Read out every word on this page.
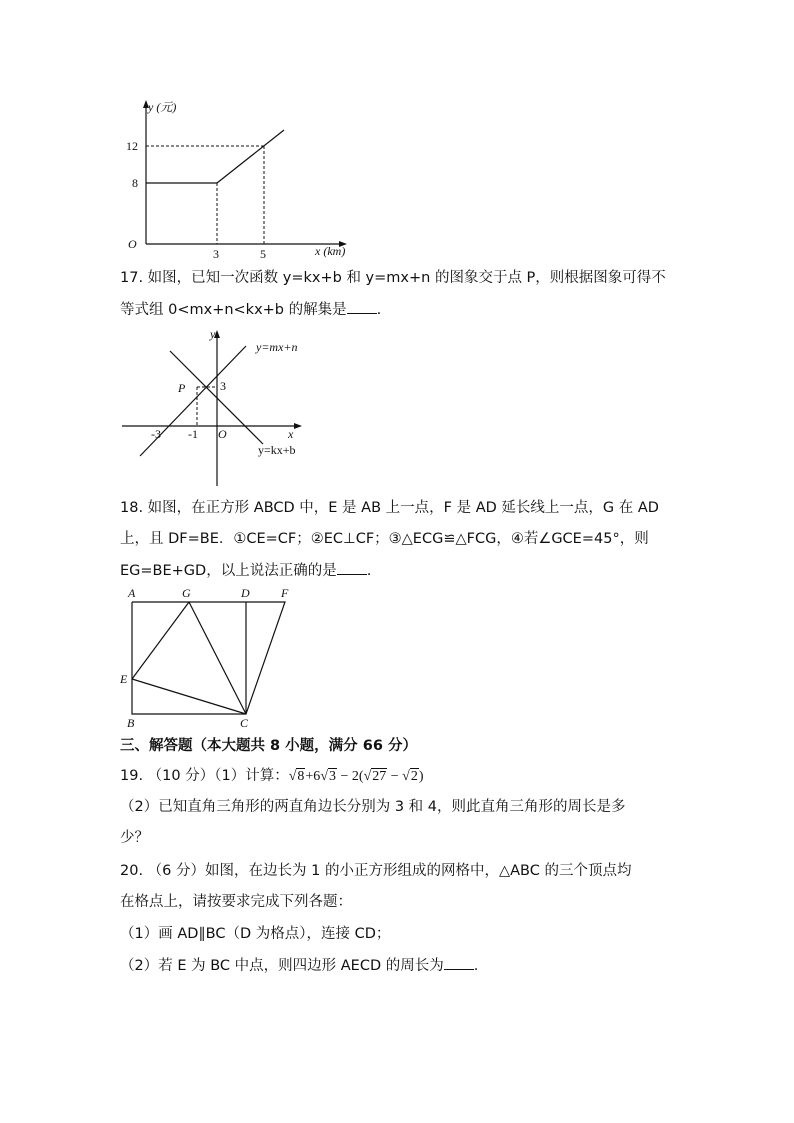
y (元)
x (km)
O
12
8
3	5
17. 如图，已知一次函数 y=kx+b 和 y=mx+n 的图象交于点 P，则根据图象可得不
等式组 0<mx+n<kx+b 的解集是 .
y
x
O
P
y=mx+n
y=kx+b
-3 -1
3
18. 如图，在正方形 ABCD 中，E 是 AB 上一点，F 是 AD 延长线上一点，G 在 AD
上，且 DF=BE．①CE=CF；②EC⊥CF；③△ECG≌△FCG，④若∠GCE=45°，则
EG=BE+GD，以上说法正确的是 .
A	G	D	F
E
B	C
三、解答题（本大题共 8 小题，满分 66 分）
19. （10 分）（1）计算：√8+6√3 − 2(√27 − √2)
（2）已知直角三角形的两直角边长分别为 3 和 4，则此直角三角形的周长是多
少？
20. （6 分）如图，在边长为 1 的小正方形组成的网格中，△ABC 的三个顶点均
在格点上，请按要求完成下列各题：
（1）画 AD∥BC（D 为格点），连接 CD；
（2）若 E 为 BC 中点，则四边形 AECD 的周长为 .
